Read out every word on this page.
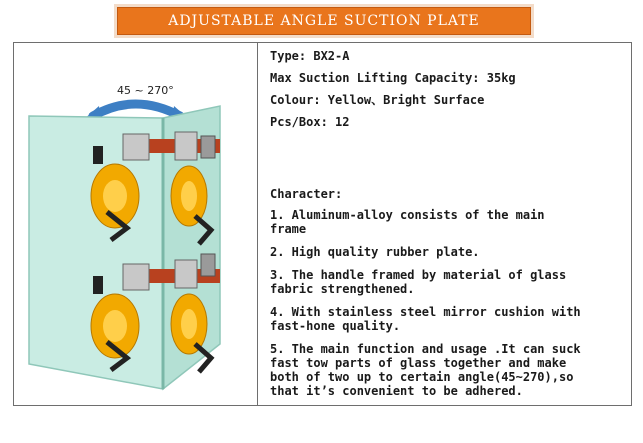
ADJUSTABLE ANGLE SUCTION PLATE
45 ~ 270°
Type: BX2-A
Max Suction Lifting Capacity: 35kg
Colour: Yellow、Bright Surface
Pcs/Box: 12
Character:
1. Aluminum-alloy consists of the main
frame
2. High quality rubber plate.
3. The handle framed by material of glass
fabric strengthened.
4. With stainless steel mirror cushion with
fast-hone quality.
5. The main function and usage .It can suck
fast tow parts of glass together and make
both of two up to certain angle(45~270),so
that it’s convenient to be adhered.
